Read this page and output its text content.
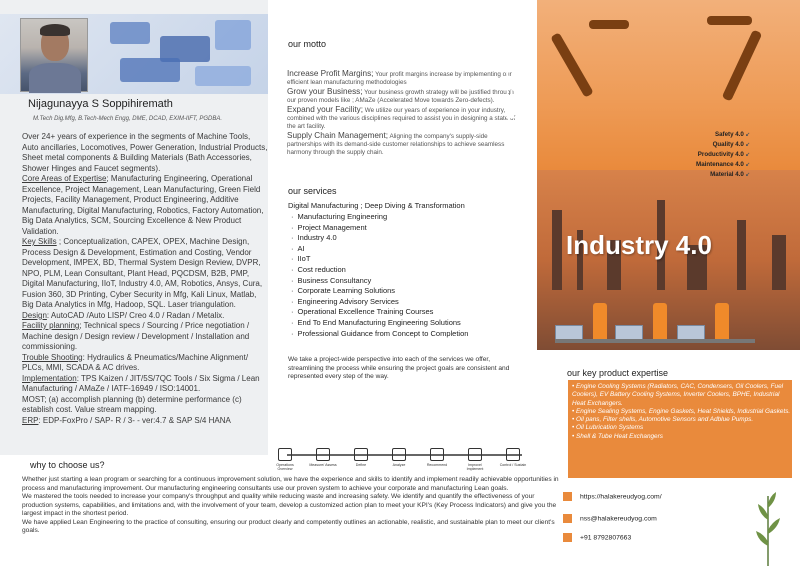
Nijagunayya S Soppihiremath
M.Tech Dig.Mfg, B.Tech-Mech Engg, DME, DCAD, EXIM-IIFT, PGDBA.

Over 24+ years of experience in the segments of Machine Tools, Auto ancillaries, Locomotives, Power Generation, Industrial Products, Sheet metal components & Building Materials (Bath Accessories, Shower Hinges and Faucet segments).

Core Areas of Expertise; Manufacturing Engineering, Operational Excellence, Project Management, Lean Manufacturing, Green Field Projects, Facility Management, Product Engineering, Additive Manufacturing, Digital Manufacturing, Robotics, Factory Automation, Big Data Analytics, SCM, Sourcing Excellence & New Product Validation.

Key Skills ; Conceptualization, CAPEX, OPEX, Machine Design, Process Design & Development, Estimation and Costing, Vendor Development, IMPEX, BD, Thermal System Design Review, DVPR, NPO, PLM, Lean Consultant, Plant Head, PQCDSM, B2B, PMP, Digital Manufacturing, IIoT, Industry 4.0, AM, Robotics, Ansys, Cura, Fusion 360, 3D Printing, Cyber Security in Mfg, Kali Linux, Matlab, Big Data Analytics in Mfg, Hadoop, SQL. Laser triangulation.

Design: AutoCAD /Auto LISP/ Creo 4.0 / Radan / Metalix.

Facility planning; Technical specs / Sourcing / Price negotiation / Machine design / Design review / Development / Installation and commissioning.

Trouble Shooting: Hydraulics & Pneumatics/Machine Alignment/ PLCs, MMI, SCADA & AC drives.

Implementation: TPS Kaizen / JIT/5S/7QC Tools / Six Sigma / Lean Manufacturing / AMaZe / IATF-16949 / ISO:14001.

MOST; (a) accomplish planning (b) determine performance (c) establish cost. Value stream mapping.

ERP: EDP-FoxPro / SAP- R / 3- - ver:4.7 & SAP S/4 HANA

our motto

Increase Profit Margins; Your profit margins increase by implementing our efficient lean manufacturing methodologies

Grow your Business; Your business growth strategy will be justified through our proven models like ; AMaZe (Accelerated Move towards Zero-defects).

Expand your Facility; We utilize our years of experience in your industry, combined with the various disciplines required to assist you in designing a state of the art facility.

Supply Chain Management; Aligning the company's supply-side partnerships with its demand-side customer relationships to achieve seamless harmony through the supply chain.

our services
Digital Manufacturing ; Deep Diving & Transformation
· Manufacturing Engineering
· Project Management
· Industry 4.0
· AI
· IIoT
· Cost reduction
· Business Consultancy
· Corporate Learning Solutions
· Engineering Advisory Services
· Operational Excellence Training Courses
· End To End Manufacturing Engineering Solutions
· Professional Guidance from Concept to Completion
We take a project-wide perspective into each of the services we offer, streamlining the process while ensuring the project goals are consistent and represented every step of the way.
MANUFACTURING
FUTURE	Safety 4.0 ↙
Quality 4.0 ↙
Productivity 4.0 ↙
Maintenance 4.0 ↙
Material 4.0 ↙
Industry 4.0
our key product expertise
• Engine Cooling Systems (Radiators, CAC, Condensers, Oil Coolers, Fuel Coolers), EV Battery Cooling Systems, Inverter Coolers, BPHE, Industrial Heat Exchangers.
• Engine Sealing Systems, Engine Gaskets, Heat Shields, Industrial Gaskets.
• Oil pans, Filter shells, Automotive Sensors and Adblue Pumps.
• Oil Lubrication Systems
• Shell & Tube Heat Exchangers
https://halakereudyog.com/
nss@halakereudyog.com
+91 8792807663
Operations Overview
Measure/ Assess	Define	Analyze	Recommend	Improve/ Implement
Control / Sustain
why to choose us?

Whether just starting a lean program or searching for a continuous improvement solution, we have the experience and skills to identify and implement readily achievable opportunities in process and manufacturing improvement. Our manufacturing engineering consultants use our proven system to achieve your corporate and manufacturing Lean goals.

We mastered the tools needed to increase your company's throughput and quality while reducing waste and increasing safety. We identify and quantify the effectiveness of your production systems, capabilities, and limitations and, with the involvement of your team, develop a customized action plan to meet your KPI's (Key Process Indicators) and give you the largest impact in the shortest period.

We have applied Lean Engineering to the practice of consulting, ensuring our product clearly and competently outlines an actionable, realistic, and sustainable plan to meet our client's goals.
